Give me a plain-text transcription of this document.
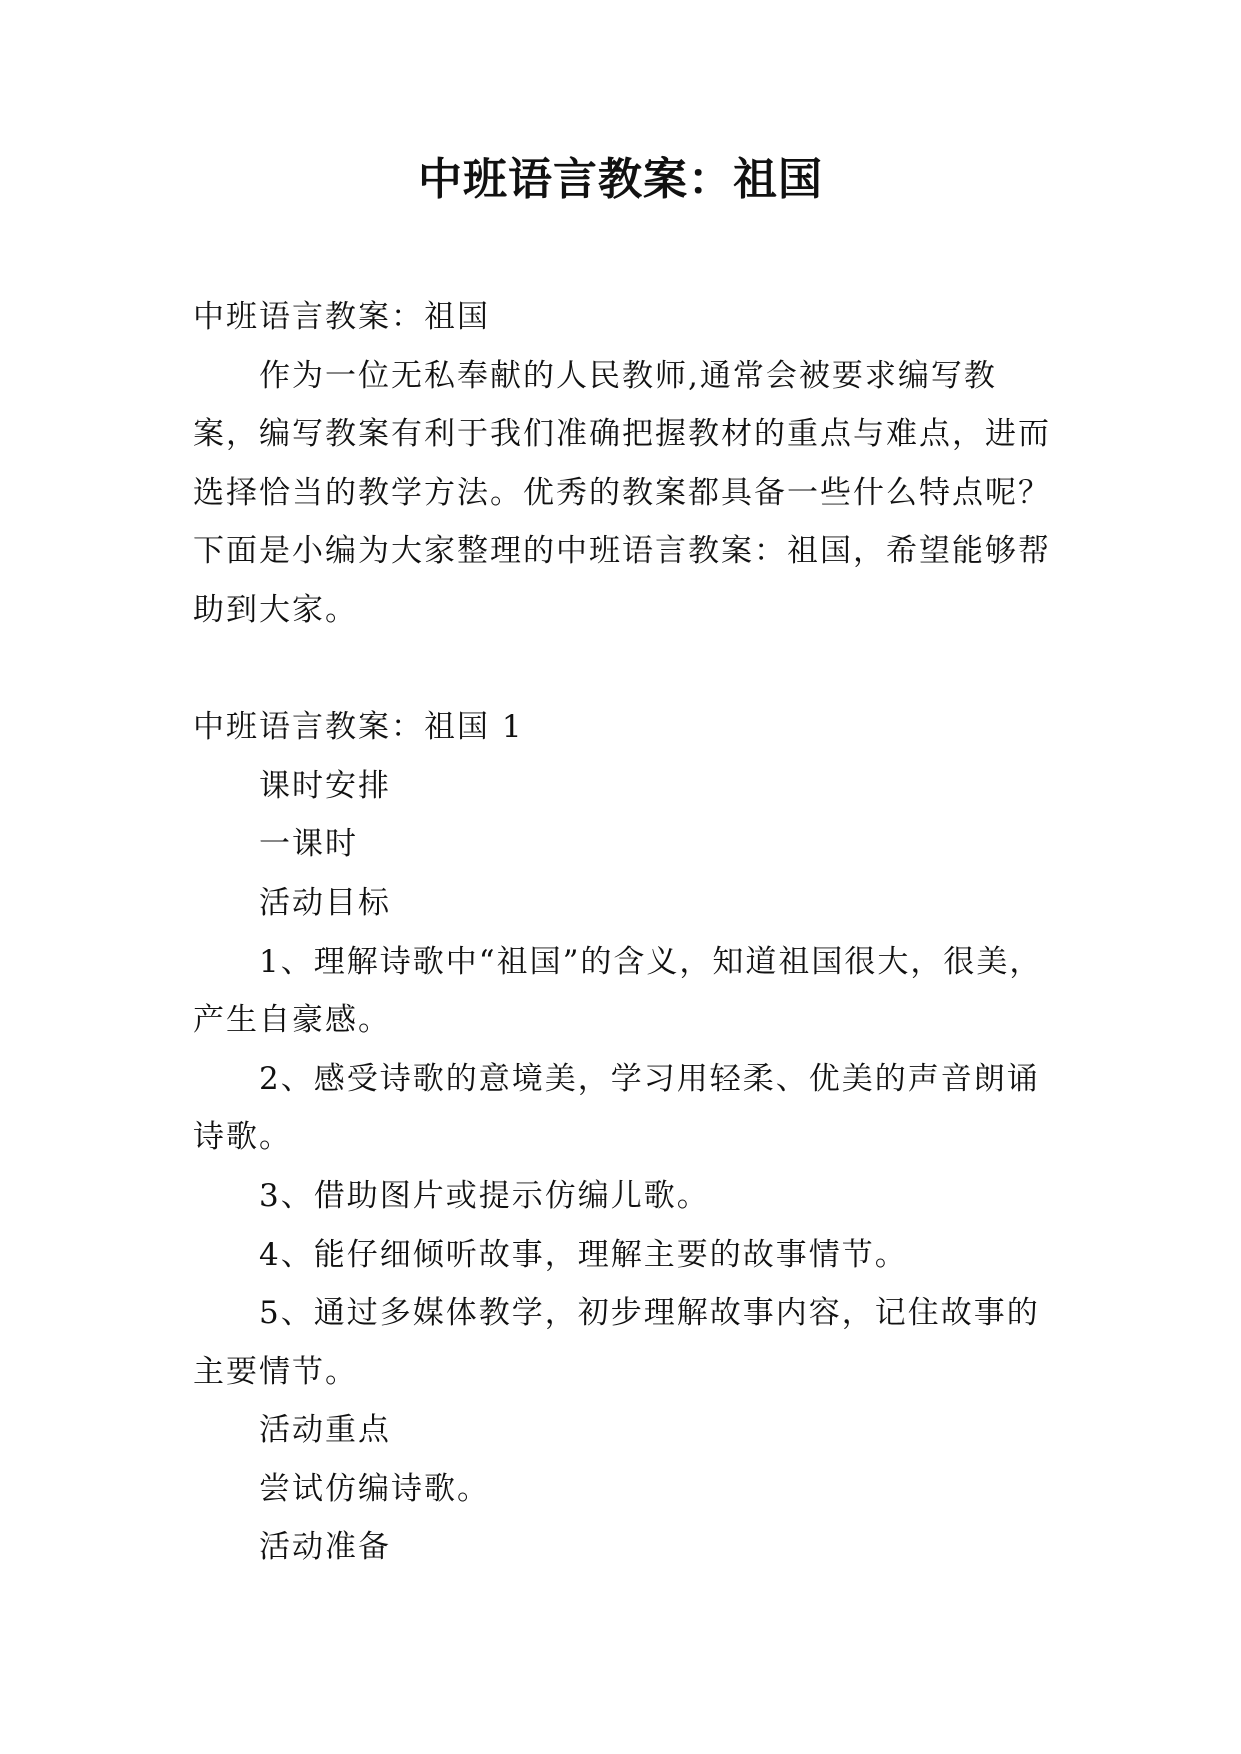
中班语言教案：祖国

中班语言教案：祖国

作为一位无私奉献的人民教师,通常会被要求编写教案，编写教案有利于我们准确把握教材的重点与难点，进而选择恰当的教学方法。优秀的教案都具备一些什么特点呢？下面是小编为大家整理的中班语言教案：祖国，希望能够帮助到大家。

中班语言教案：祖国 1

课时安排

一课时

活动目标

1、理解诗歌中“祖国”的含义，知道祖国很大，很美，产生自豪感。

2、感受诗歌的意境美，学习用轻柔、优美的声音朗诵诗歌。

3、借助图片或提示仿编儿歌。

4、能仔细倾听故事，理解主要的故事情节。

5、通过多媒体教学，初步理解故事内容，记住故事的主要情节。

活动重点

尝试仿编诗歌。

活动准备
